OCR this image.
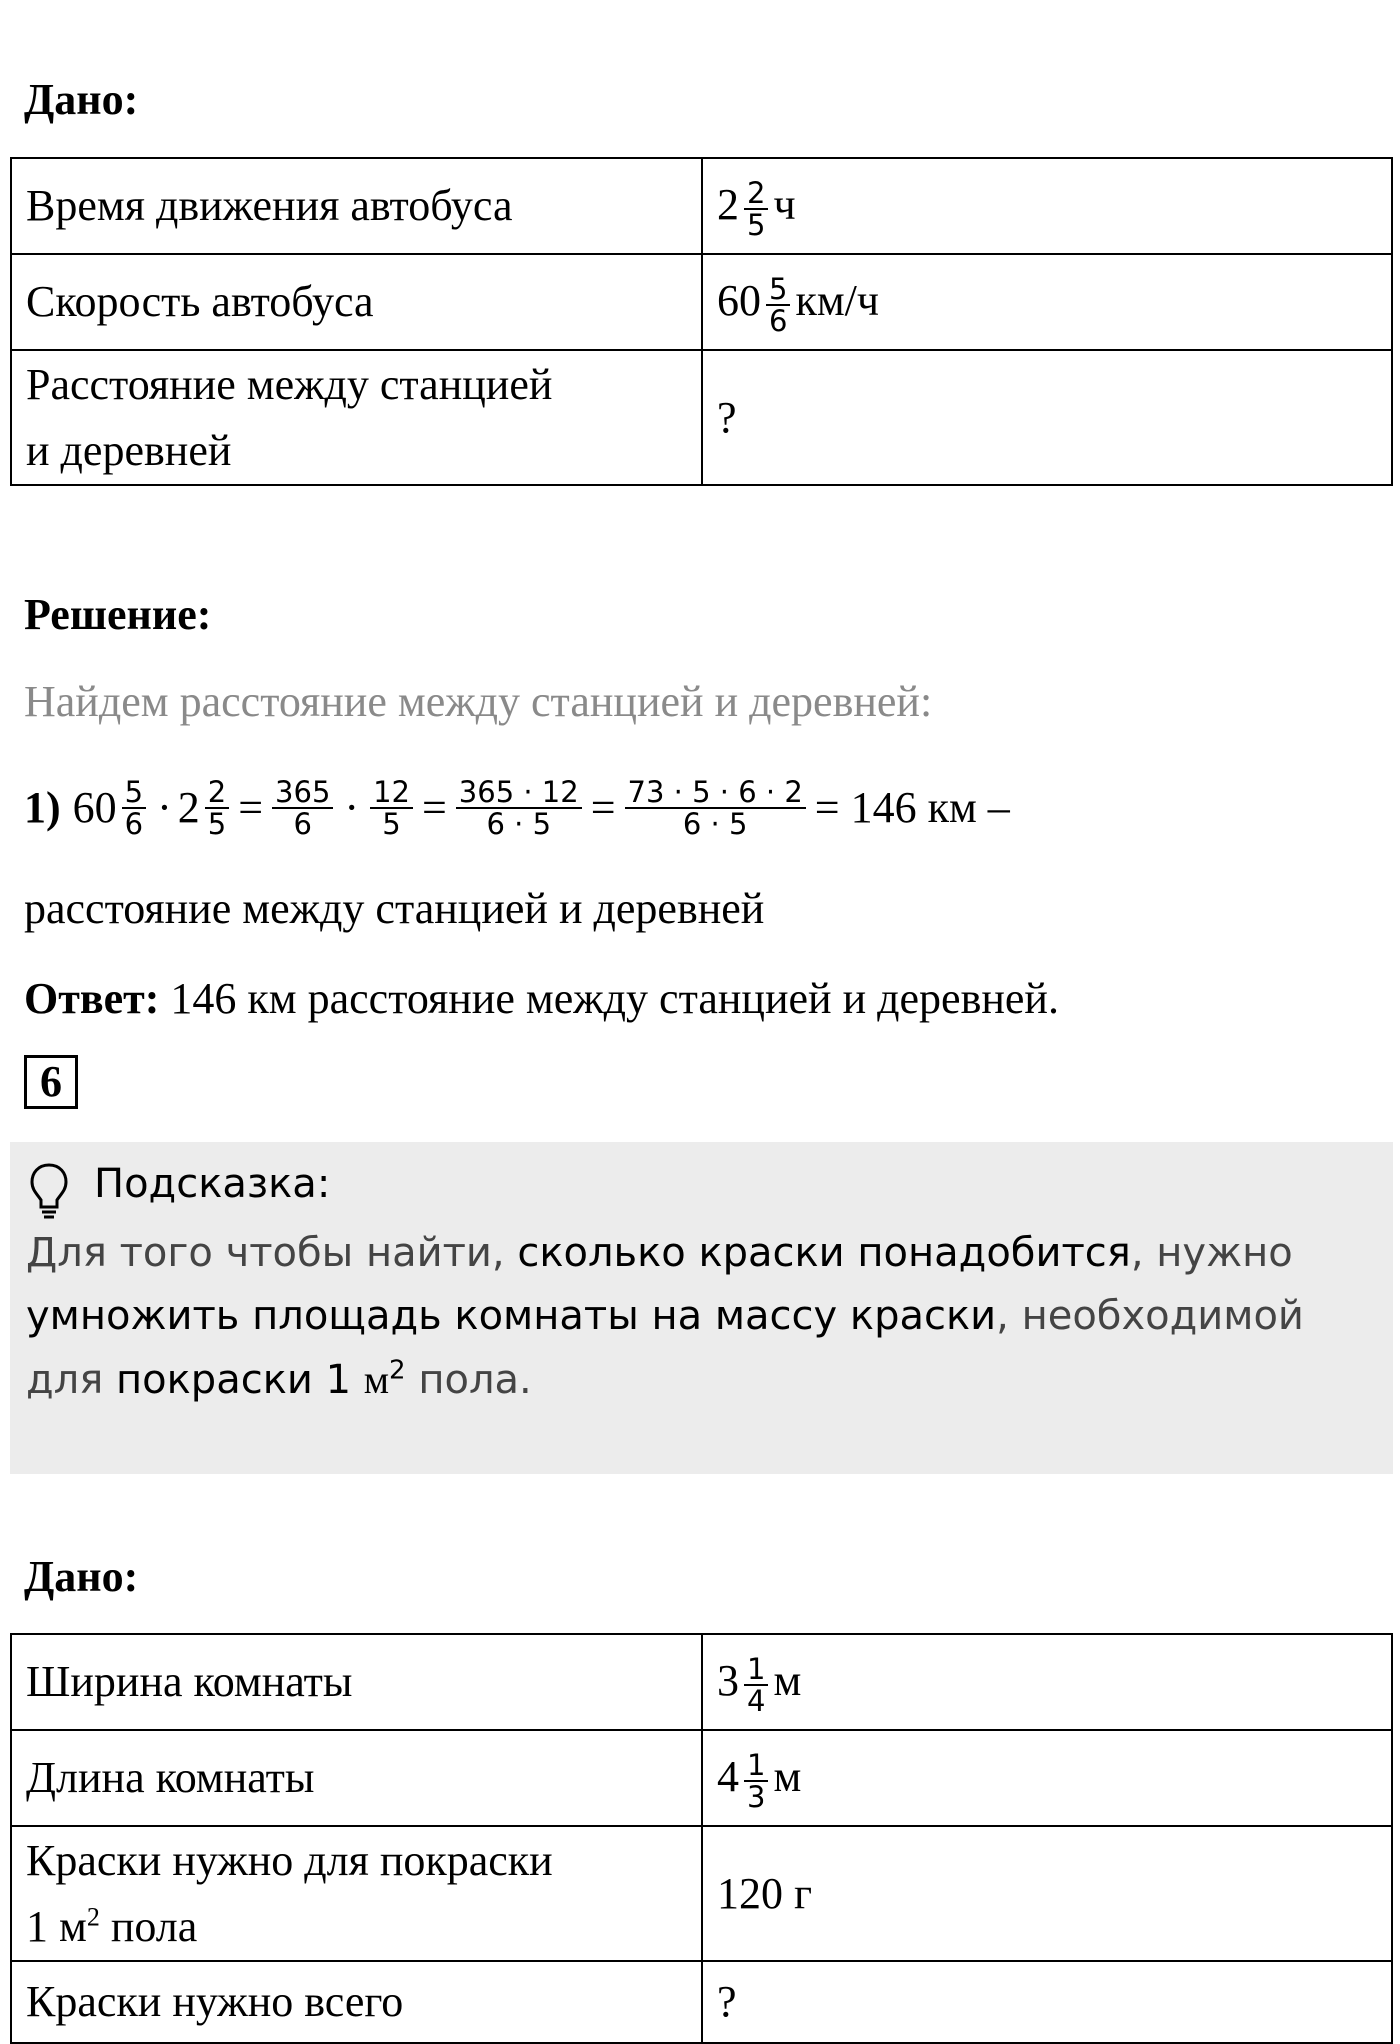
Дано:
Время движения автобуса	$2 \frac{2}{5}$ ч
Скорость автобуса	$60 \frac{5}{6} км/ч$

Расстояние между станцией
и деревней	?
Решение:
Найдем расстояние между станцией и деревней:
1) $60 \frac{5}{6} \cdot 2 \frac{2}{5} = \frac{365}{6} \cdot \frac{12}{5} = \frac{365 \cdot 12}{6 \cdot 5} = \frac{73 \cdot 5 \cdot 6 \cdot 2}{6 \cdot 5} = 146$ км –
расстояние между станцией и деревней
Ответ: 146 км расстояние между станцией и деревней.
6
Подсказка:
Для того чтобы найти, сколько краски понадобится, нужно
умножить площадь комнаты на массу краски, необходимой
для покраски 1 $м^2$ пола.
Дано:
Ширина комнаты	$3 \frac{1}{4}$ м
Длина комнаты	$4 \frac{1}{3}$ м

Краски нужно для покраски
1 $м^2$ пола	120 г
Краски нужно всего	?
